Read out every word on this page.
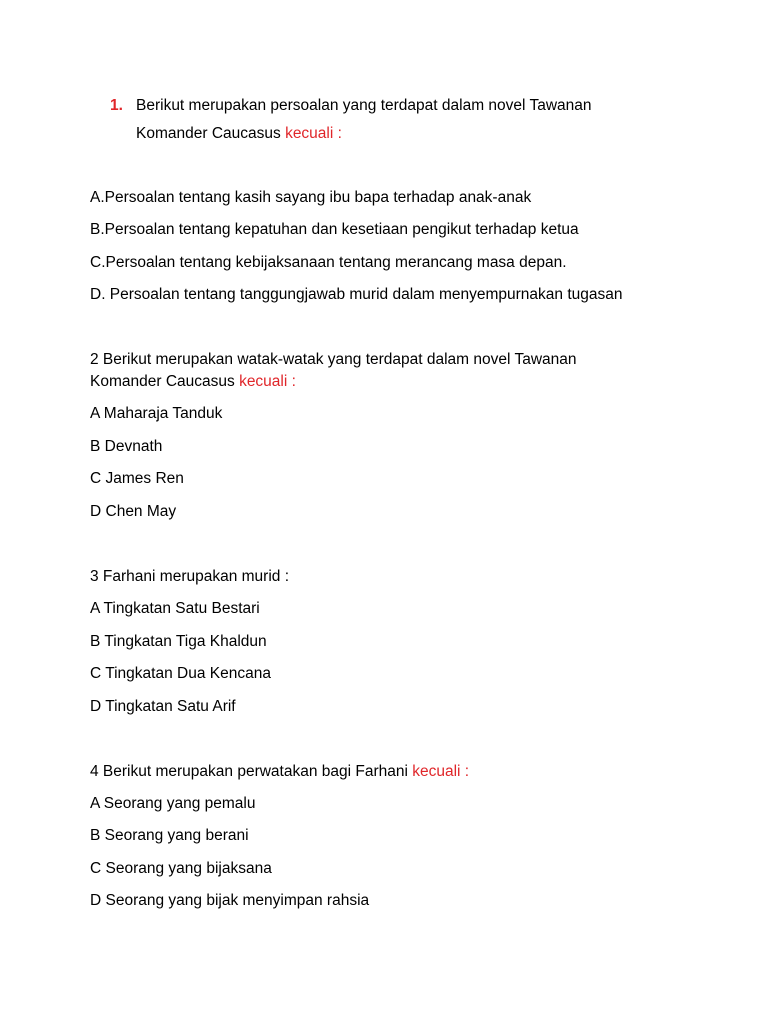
1. Berikut merupakan persoalan yang terdapat dalam novel Tawanan
Komander Caucasus kecuali :
A.Persoalan tentang kasih sayang ibu bapa terhadap anak-anak
B.Persoalan tentang kepatuhan dan kesetiaan pengikut terhadap ketua
C.Persoalan tentang kebijaksanaan tentang merancang masa depan.
D. Persoalan tentang tanggungjawab murid dalam menyempurnakan tugasan
2 Berikut merupakan watak-watak yang terdapat dalam novel Tawanan
Komander Caucasus kecuali :
A Maharaja Tanduk
B Devnath
C James Ren
D Chen May
3 Farhani merupakan murid :
A Tingkatan Satu Bestari
B Tingkatan Tiga Khaldun
C Tingkatan Dua Kencana
D Tingkatan Satu Arif
4 Berikut merupakan perwatakan bagi Farhani kecuali :
A Seorang yang pemalu
B Seorang yang berani
C Seorang yang bijaksana
D Seorang yang bijak menyimpan rahsia
